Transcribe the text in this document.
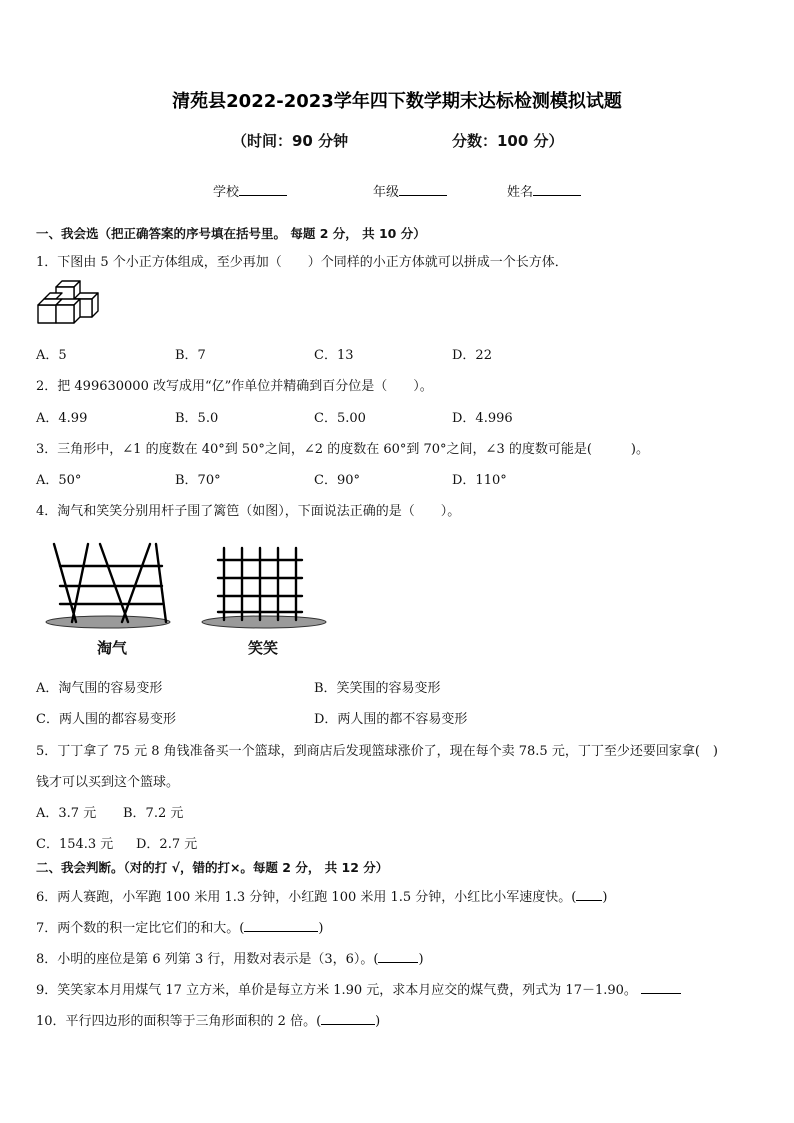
清苑县2022-2023学年四下数学期末达标检测模拟试题
（时间：90 分钟	分数：100 分）
学校	年级	姓名
一、我会选（把正确答案的序号填在括号里。 每题 2 分， 共 10 分）
1．下图由 5 个小正方体组成，至少再加（　　）个同样的小正方体就可以拼成一个长方体．
A．5	B．7	C．13	D．22
2．把 499630000 改写成用“亿”作单位并精确到百分位是（　　）。
A．4.99	B．5.0	C．5.00	D．4.996
3．三角形中，∠1 的度数在 40°到 50°之间，∠2 的度数在 60°到 70°之间，∠3 的度数可能是(　　　)。
A．50°	B．70°	C．90°	D．110°
4．淘气和笑笑分别用杆子围了篱笆（如图），下面说法正确的是（　　）。
淘气	笑笑
A．淘气围的容易变形	B．笑笑围的容易变形
C．两人围的都容易变形	D．两人围的都不容易变形
5．丁丁拿了 75 元 8 角钱准备买一个篮球，到商店后发现篮球涨价了，现在每个卖 78.5 元，丁丁至少还要回家拿(　)
钱才可以买到这个篮球。
A．3.7 元 B．7.2 元
C．154.3 元 D．2.7 元
二、我会判断。（对的打 √，错的打×。每题 2 分， 共 12 分）
6．两人赛跑，小军跑 100 米用 1.3 分钟，小红跑 100 米用 1.5 分钟，小红比小军速度快。( )
7．两个数的积一定比它们的和大。(	)
8．小明的座位是第 6 列第 3 行，用数对表示是（3，6）。(	)
9．笑笑家本月用煤气 17 立方米，单价是每立方米 1.90 元，求本月应交的煤气费，列式为 17－1.90。
10．平行四边形的面积等于三角形面积的 2 倍。(	)
